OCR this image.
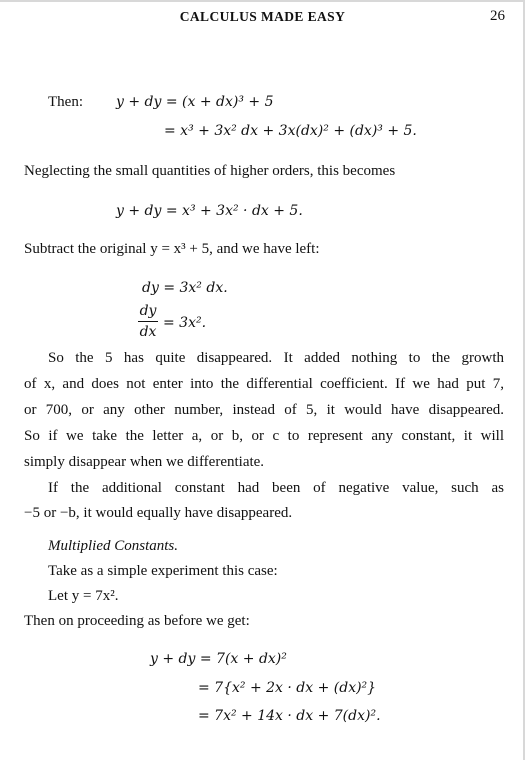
CALCULUS MADE EASY	26
Then: y + dy = (x + dx)³ + 5
= x³ + 3x² dx + 3x(dx)² + (dx)³ + 5.
Neglecting the small quantities of higher orders, this becomes
y + dy = x³ + 3x² · dx + 5.
Subtract the original y = x³ + 5, and we have left:
dy = 3x² dx.
dy
dx
= 3x².
So the 5 has quite disappeared. It added nothing to the growth
of x, and does not enter into the differential coefficient. If we had put 7,
or 700, or any other number, instead of 5, it would have disappeared.
So if we take the letter a, or b, or c to represent any constant, it will
simply disappear when we differentiate.
If the additional constant had been of negative value, such as
−5 or −b, it would equally have disappeared.
Multiplied Constants.
Take as a simple experiment this case:
Let y = 7x².
Then on proceeding as before we get:
y + dy = 7(x + dx)²
= 7{x² + 2x · dx + (dx)²}
= 7x² + 14x · dx + 7(dx)².
